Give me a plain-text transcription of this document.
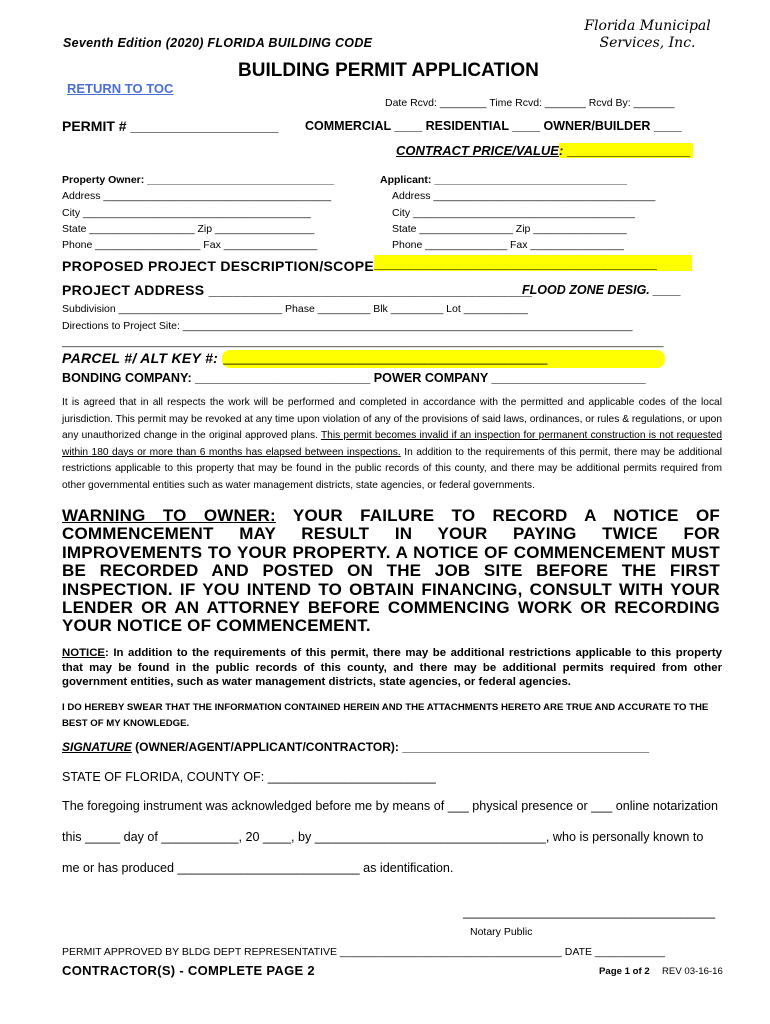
Seventh Edition (2020) FLORIDA BUILDING CODE
Florida Municipal
Services, Inc.
BUILDING PERMIT APPLICATION
RETURN TO TOC
Date Rcvd: ________ Time Rcvd: _______ Rcvd By: _______
PERMIT # ___________________ COMMERCIAL ____ RESIDENTIAL ____ OWNER/BUILDER ____
CONTRACT PRICE/VALUE: _________________
Property Owner: ________________________________
Address _______________________________________
City _______________________________________
State __________________ Zip _________________
Phone __________________ Fax ________________
Applicant: _________________________________
Address ______________________________________
City ______________________________________
State ________________ Zip ________________
Phone ______________ Fax ________________
PROPOSED PROJECT DESCRIPTION/SCOPE___________________________________
PROJECT ADDRESS ________________________________________
FLOOD ZONE DESIG. ____
Subdivision ____________________________ Phase _________ Blk _________ Lot ___________
Directions to Project Site: _____________________________________________________________________________
_______________________________________________________________________________________________________
PARCEL #/ ALT KEY #:_____________________________________________
BONDING COMPANY: _________________________ POWER COMPANY ______________________
It is agreed that in all respects the work will be performed and completed in accordance with the permitted and applicable codes of the local jurisdiction. This permit may be revoked at any time upon violation of any of the provisions of said laws, ordinances, or rules & regulations, or upon any unauthorized change in the original approved plans. This permit becomes invalid if an inspection for permanent construction is not requested within 180 days or more than 6 months has elapsed between inspections. In addition to the requirements of this permit, there may be additional restrictions applicable to this property that may be found in the public records of this county, and there may be additional permits required from other governmental entities such as water management districts, state agencies, or federal governments.
WARNING TO OWNER: YOUR FAILURE TO RECORD A NOTICE OF COMMENCEMENT MAY RESULT IN YOUR PAYING TWICE FOR IMPROVEMENTS TO YOUR PROPERTY. A NOTICE OF COMMENCEMENT MUST BE RECORDED AND POSTED ON THE JOB SITE BEFORE THE FIRST INSPECTION. IF YOU INTEND TO OBTAIN FINANCING, CONSULT WITH YOUR LENDER OR AN ATTORNEY BEFORE COMMENCING WORK OR RECORDING YOUR NOTICE OF COMMENCEMENT.
NOTICE: In addition to the requirements of this permit, there may be additional restrictions applicable to this property that may be found in the public records of this county, and there may be additional permits required from other government entities, such as water management districts, state agencies, or federal agencies.
I DO HEREBY SWEAR THAT THE INFORMATION CONTAINED HEREIN AND THE ATTACHMENTS HERETO ARE TRUE AND ACCURATE TO THE BEST OF MY KNOWLEDGE.
SIGNATURE (OWNER/AGENT/APPLICANT/CONTRACTOR): _____________________________________
STATE OF FLORIDA, COUNTY OF: ________________________
The foregoing instrument was acknowledged before me by means of ___ physical presence or ___ online notarization
this _____ day of ___________, 20 ____, by _________________________________, who is personally known to
me or has produced __________________________ as identification.
____________________________________
Notary Public
PERMIT APPROVED BY BLDG DEPT REPRESENTATIVE ______________________________________ DATE ____________
CONTRACTOR(S) - COMPLETE PAGE 2	Page 1 of 2 REV 03-16-16
